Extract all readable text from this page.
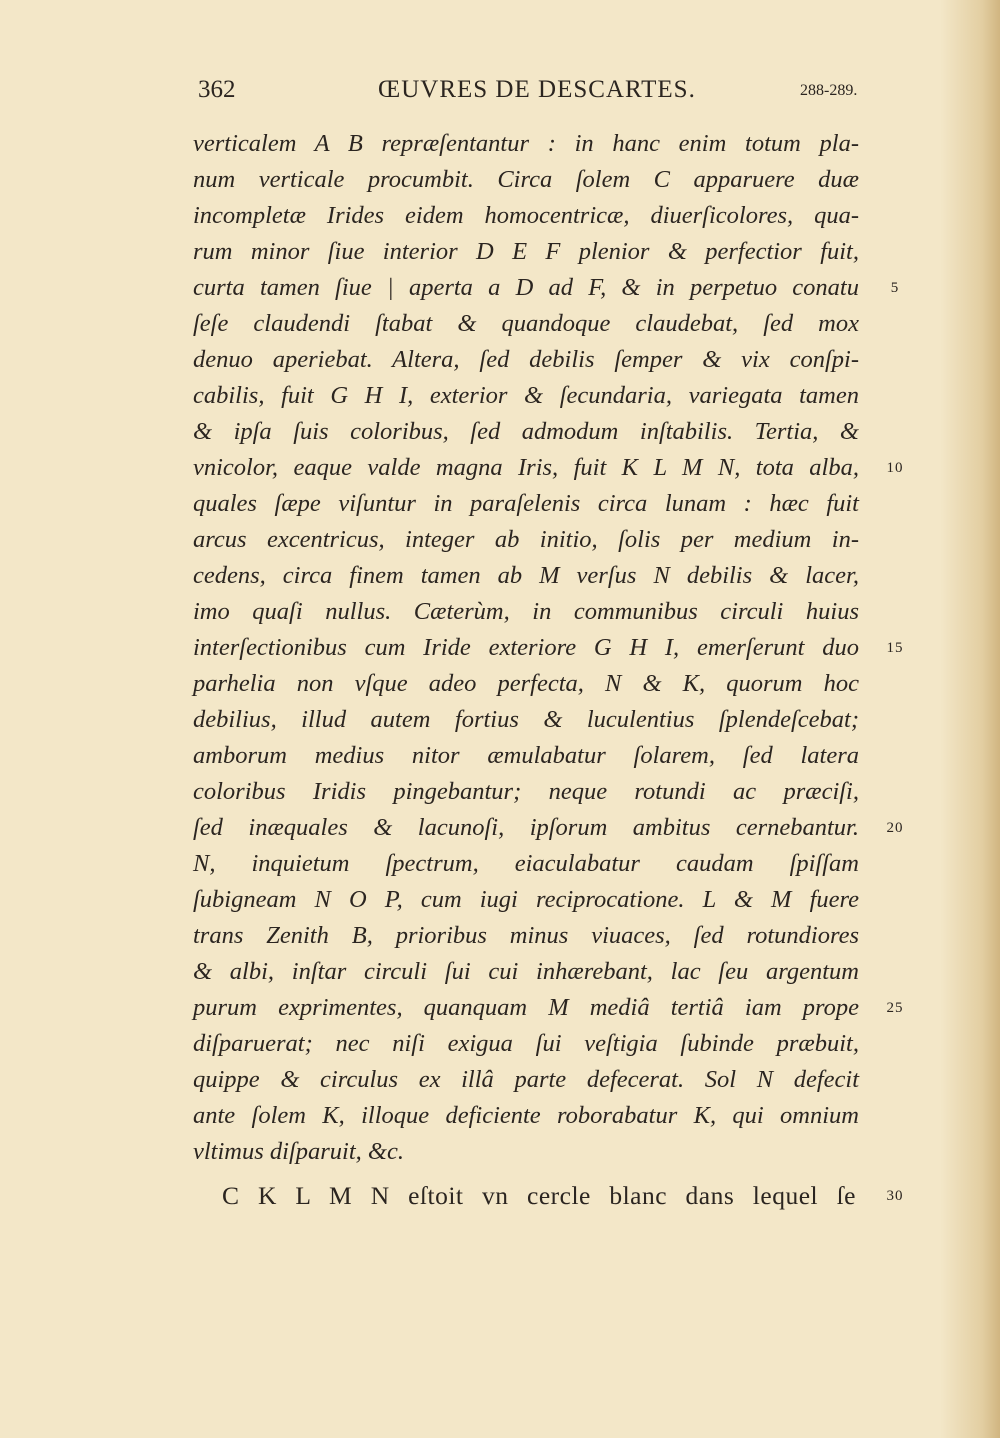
362	ŒUVRES DE DESCARTES.	288-289.
verticalem A B repræſentantur : in hanc enim totum pla-
num verticale procumbit. Circa ſolem C apparuere duæ
incompletæ Irides eidem homocentricæ, diuerſicolores, qua-
rum minor ſiue interior D E F plenior & perfectior fuit,
curta tamen ſiue | aperta a D ad F, & in perpetuo conatu
ſeſe claudendi ſtabat & quandoque claudebat, ſed mox
denuo aperiebat. Altera, ſed debilis ſemper & vix conſpi-
cabilis, fuit G H I, exterior & ſecundaria, variegata tamen
& ipſa ſuis coloribus, ſed admodum inſtabilis. Tertia, &
vnicolor, eaque valde magna Iris, fuit K L M N, tota alba,
quales ſæpe viſuntur in paraſelenis circa lunam : hæc fuit
arcus excentricus, integer ab initio, ſolis per medium in-
cedens, circa finem tamen ab M verſus N debilis & lacer,
imo quaſi nullus. Cæterùm, in communibus circuli huius
interſectionibus cum Iride exteriore G H I, emerſerunt duo
parhelia non vſque adeo perfecta, N & K, quorum hoc
debilius, illud autem fortius & luculentius ſplendeſcebat;
amborum medius nitor æmulabatur ſolarem, ſed latera
coloribus Iridis pingebantur; neque rotundi ac præciſi,
ſed inæquales & lacunoſi, ipſorum ambitus cernebantur.
N, inquietum ſpectrum, eiaculabatur caudam ſpiſſam
ſubigneam N O P, cum iugi reciprocatione. L & M fuere
trans Zenith B, prioribus minus viuaces, ſed rotundiores
& albi, inſtar circuli ſui cui inhærebant, lac ſeu argentum
purum exprimentes, quanquam M mediâ tertiâ iam prope
diſparuerat; nec niſi exigua ſui veſtigia ſubinde præbuit,
quippe & circulus ex illâ parte defecerat. Sol N defecit
ante ſolem K, illoque deficiente roborabatur K, qui omnium
vltimus diſparuit, &c.
5
10
15
20
25
C K L M N eſtoit vn cercle blanc dans lequel ſe	30
